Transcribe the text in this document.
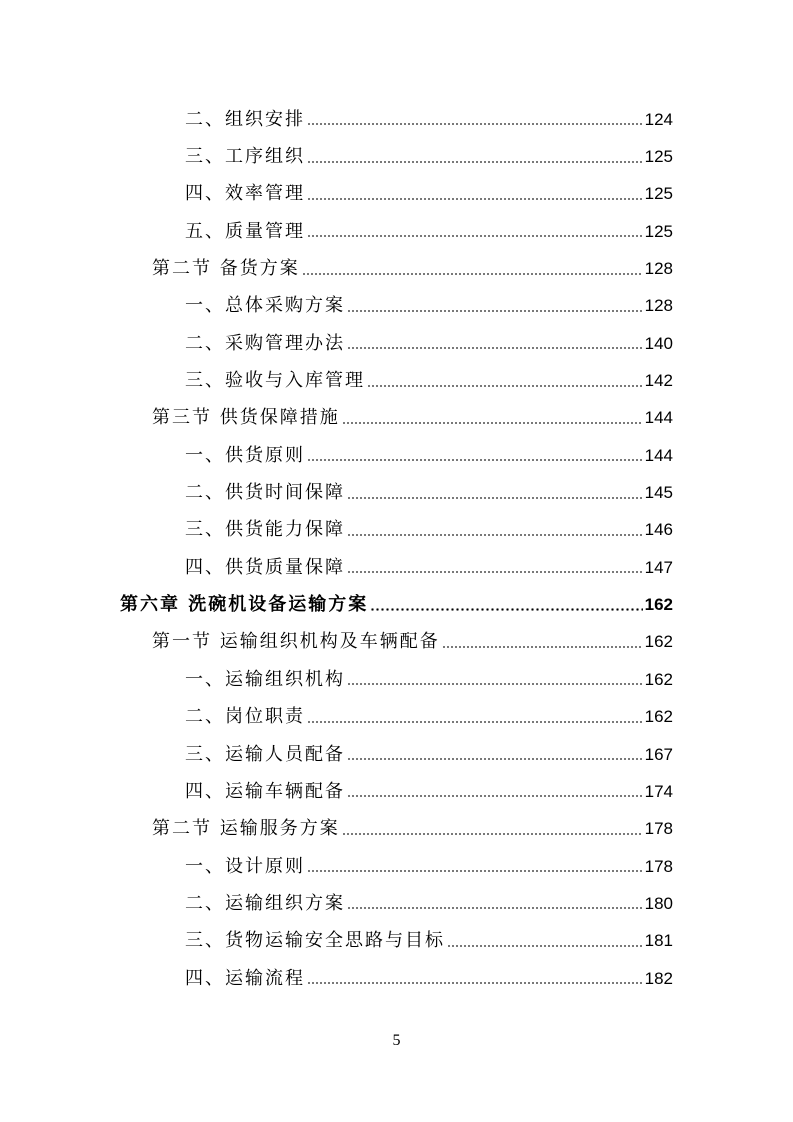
二、组织安排	124
三、工序组织	125
四、效率管理	125
五、质量管理	125
第二节 备货方案	128
一、总体采购方案	128
二、采购管理办法	140
三、验收与入库管理	142
第三节 供货保障措施	144
一、供货原则	144
二、供货时间保障	145
三、供货能力保障	146
四、供货质量保障	147
第六章 洗碗机设备运输方案	162
第一节 运输组织机构及车辆配备	162
一、运输组织机构	162
二、岗位职责	162
三、运输人员配备	167
四、运输车辆配备	174
第二节 运输服务方案	178
一、设计原则	178
二、运输组织方案	180
三、货物运输安全思路与目标	181
四、运输流程	182
5
